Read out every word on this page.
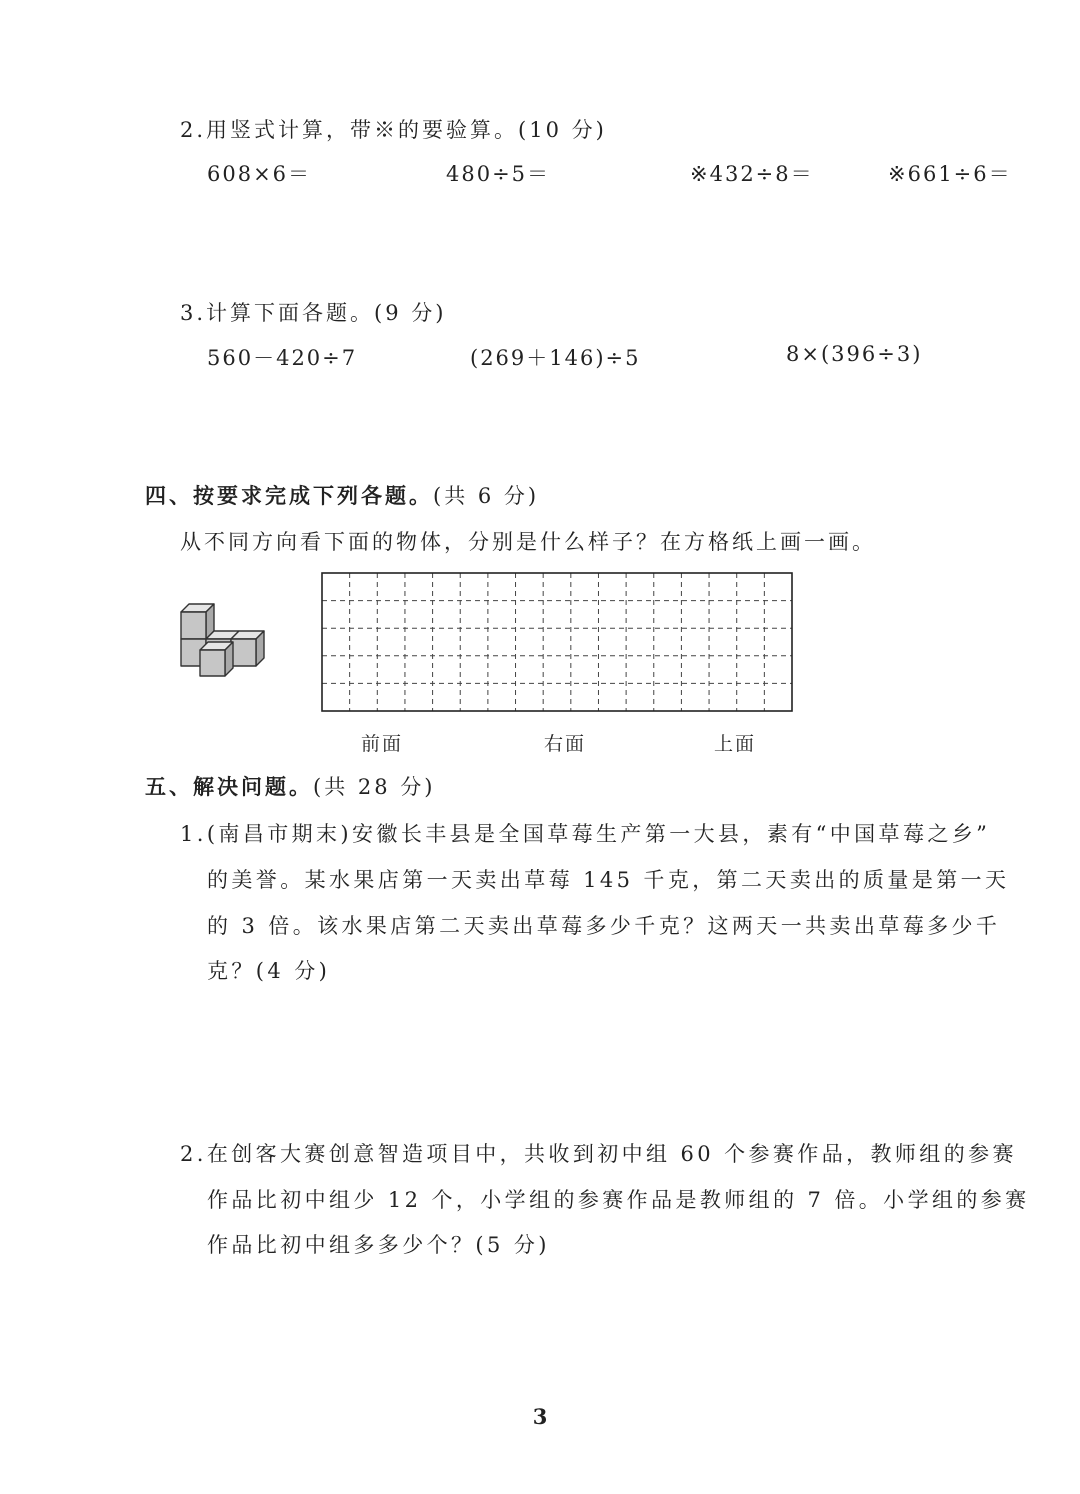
2.用竖式计算，带※的要验算。(10 分)
608×6＝	480÷5＝	※432÷8＝	※661÷6＝
3.计算下面各题。(9 分)
560－420÷7	(269＋146)÷5	8×(396÷3)
四、按要求完成下列各题。(共 6 分)
从不同方向看下面的物体，分别是什么样子？在方格纸上画一画。
前面	右面	上面
五、解决问题。(共 28 分)
1.(南昌市期末)安徽长丰县是全国草莓生产第一大县，素有“中国草莓之乡”
的美誉。某水果店第一天卖出草莓 145 千克，第二天卖出的质量是第一天
的 3 倍。该水果店第二天卖出草莓多少千克？这两天一共卖出草莓多少千
克？(4 分)
2.在创客大赛创意智造项目中，共收到初中组 60 个参赛作品，教师组的参赛
作品比初中组少 12 个，小学组的参赛作品是教师组的 7 倍。小学组的参赛
作品比初中组多多少个？(5 分)
3
